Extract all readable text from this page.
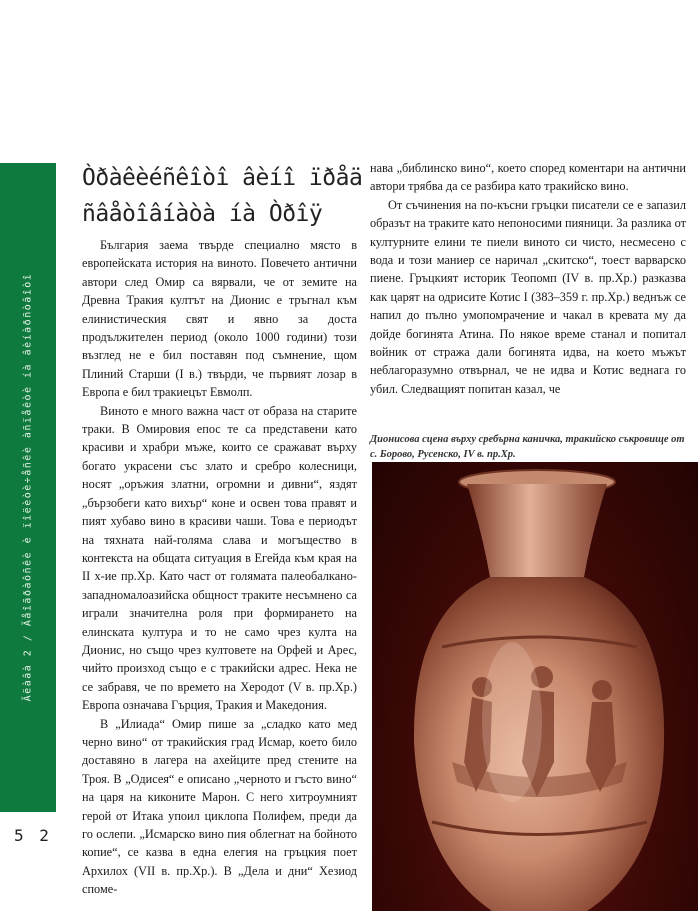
Ãëàâà 2 / Ãåîãðàôñêè è ïîëèòè÷åñêè àñïåêòè íà âèíàðñòâîòî
5 2
Òðàêèéñêîòî âèíî ïðåä ñâåòîâíàòà íà Òðîÿ

България заема твърде специално място в европейската история на виното. Повечето антични автори след Омир са вярвали, че от земите на Древна Тракия култът на Дионис е тръгнал към елинистическия свят и явно за доста продължителен период (около 1000 години) този възглед не е бил поставян под съмнение, щом Плиний Старши (I в.) твърди, че първият лозар в Европа е бил тракиецът Евмолп.

Виното е много важна част от образа на старите траки. В Омировия епос те са представени като красиви и храбри мъже, които се сражават върху богато украсени със злато и сребро колесници, носят „оръжия златни, огромни и дивни“, яздят „бързобеги като вихър“ коне и освен това правят и пият хубаво вино в красиви чаши. Това е периодът на тяхната най-голяма слава и могъщество в контекста на общата ситуация в Егейда към края на II х-ие пр.Хр. Като част от голямата палеобалкано-западномалоазийска общност траките несъмнено са играли значителна роля при формирането на елинската култура и то не само чрез култа на Дионис, но също чрез култовете на Орфей и Арес, чийто произход също е с тракийски адрес. Нека не се забравя, че по времето на Херодот (V в. пр.Хр.) Европа означава Гърция, Тракия и Македония.

В „Илиада“ Омир пише за „сладко като мед черно вино“ от тракийския град Исмар, което било доставяно в лагера на ахейците пред стените на Троя. В „Одисея“ е описано „черното и гъсто вино“ на царя на киконите Марон. С него хитроумният герой от Итака упоил циклопа Полифем, преди да го ослепи. „Исмарско вино пия облегнат на бойното копие“, се казва в една елегия на гръцкия поет Архилох (VII в. пр.Хр.). В „Дела и дни“ Хезиод споме-

нава „библинско вино“, което според коментари на антични автори трябва да се разбира като тракийско вино.

От съчинения на по-късни гръцки писатели се е запазил образът на траките като непоносими пияници. За разлика от културните елини те пиели виното си чисто, несмесено с вода и този маниер се наричал „скитско“, тоест варварско пиене. Гръцкият историк Теопомп (IV в. пр.Хр.) разказва как царят на одрисите Котис I (383–359 г. пр.Хр.) веднъж се напил до пълно умопомрачение и чакал в кревата му да дойде богинята Атина. По някое време станал и попитал войник от стража дали богинята идва, на което мъжът неблагоразумно отвърнал, че не идва и Котис веднага го убил. Следващият попитан казал, че

Дионисова сцена върху сребърна каничка, тракийско съкровище от с. Борово, Русенско, IV в. пр.Хр.
